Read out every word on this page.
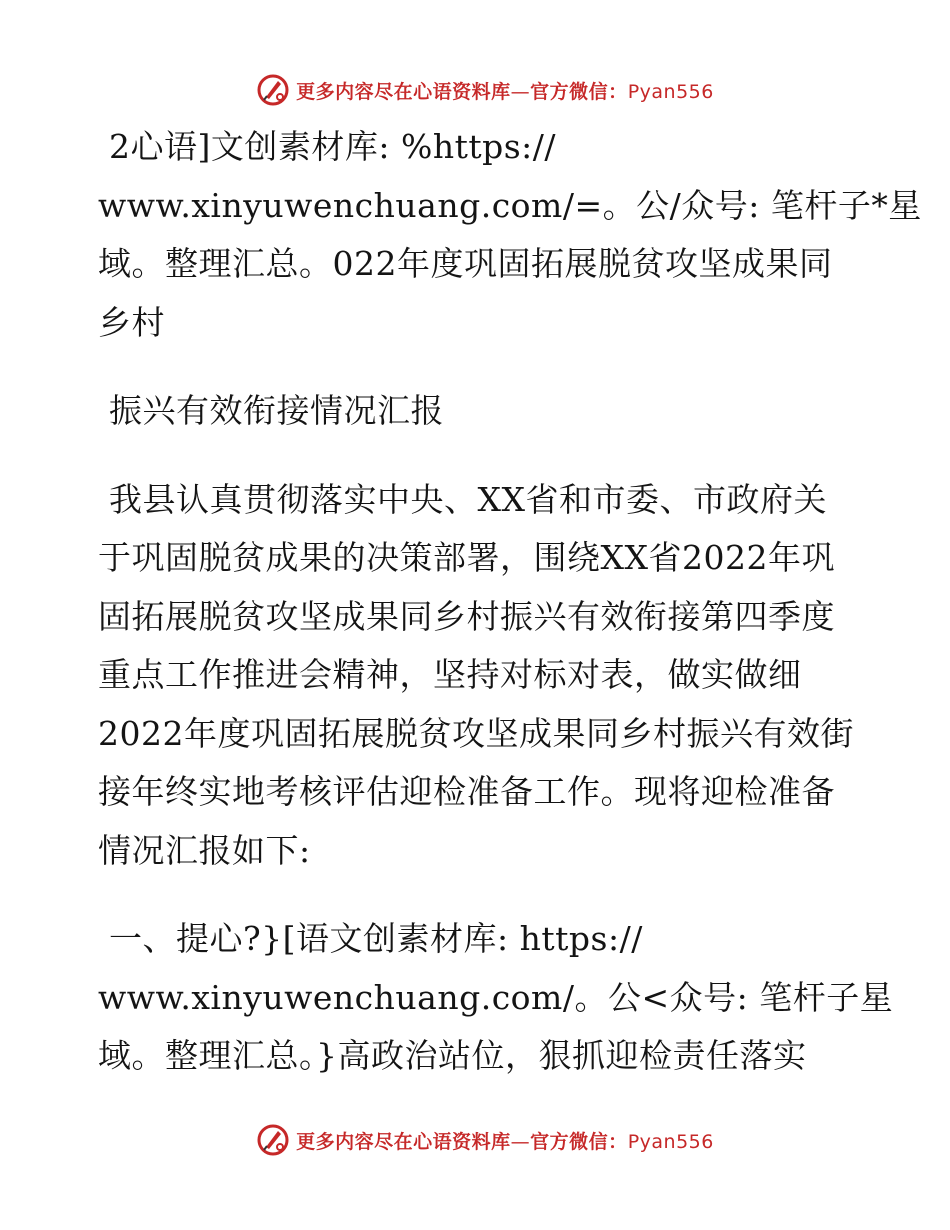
更多内容尽在心语资料库—官方微信：Pyan556

2心语]文创素材库: %https://

www.xinyuwenchuang.com/=。公/众号: 笔杆子*星

域。整理汇总。022年度巩固拓展脱贫攻坚成果同

乡村

振兴有效衔接情况汇报

我县认真贯彻落实中央、XX省和市委、市政府关

于巩固脱贫成果的决策部署，围绕XX省2022年巩

固拓展脱贫攻坚成果同乡村振兴有效衔接第四季度

重点工作推进会精神，坚持对标对表，做实做细

2022年度巩固拓展脱贫攻坚成果同乡村振兴有效街

接年终实地考核评估迎检准备工作。现将迎检准备

情况汇报如下:

一、提心?}[语文创素材库: https://

www.xinyuwenchuang.com/。公<众号: 笔杆子星

域。整理汇总。}高政治站位，狠抓迎检责任落实

更多内容尽在心语资料库—官方微信：Pyan556
